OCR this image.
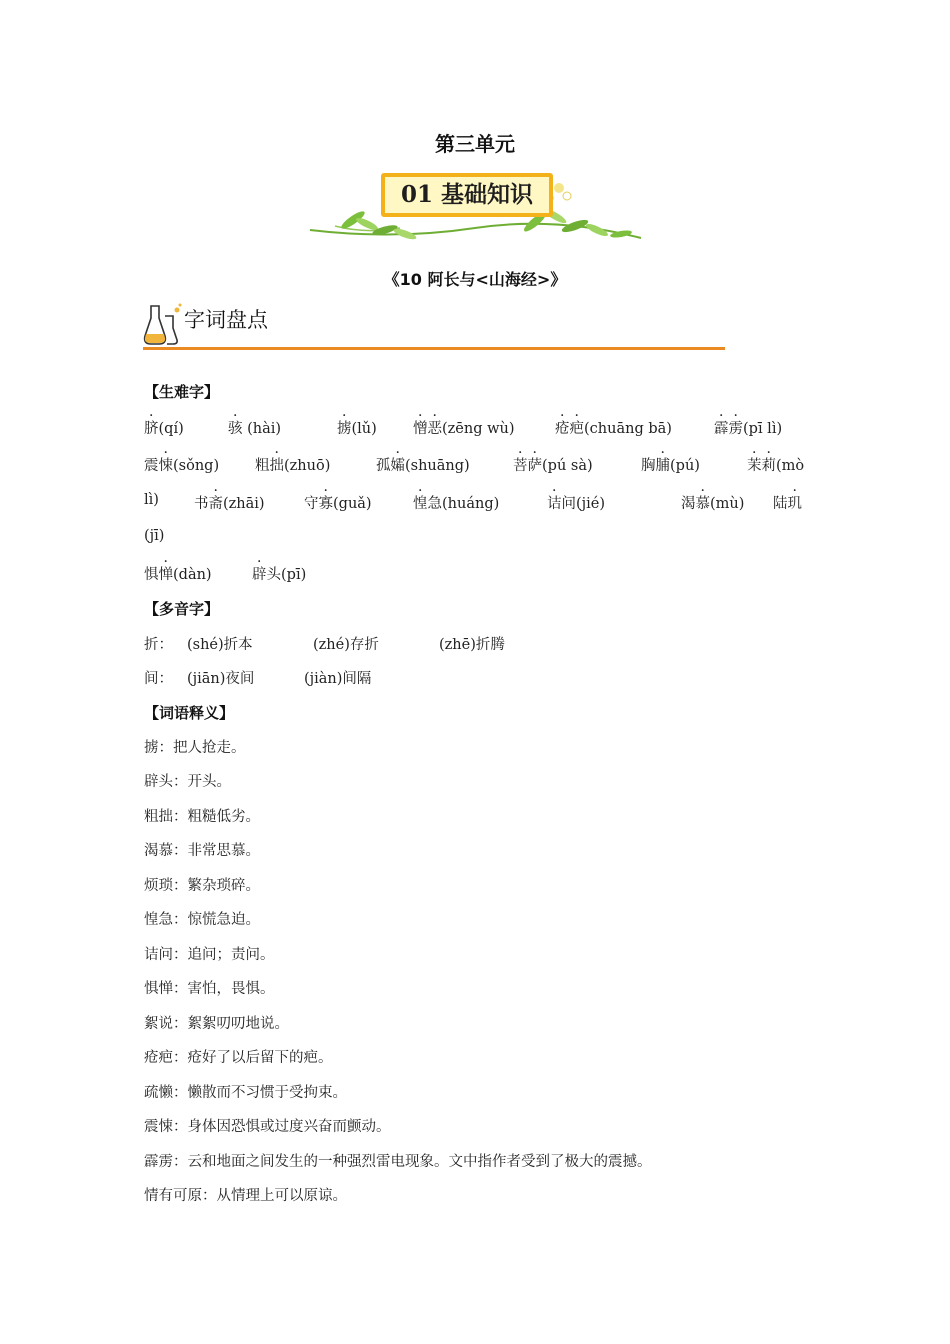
第三单元
01 基础知识
《10 阿长与<山海经>》
字词盘点
【生难字】
脐(qí)	骇 (hài)	掳(lǔ) 憎恶(zēng wù)	疮疤(chuāng bā)	霹雳(pī lì)
震悚(sǒng) 粗拙(zhuō)	孤孀(shuāng)	菩萨(pú sà)	胸脯(pú)	茉莉(mò
lì) 书斋(zhāi)	守寡(guǎ)	惶急(huáng)	诘问(jié)	渴慕(mù) 陆玑
(jī)
惧惮(dàn)	辟头(pī)
【多音字】
折： (shé)折本	(zhé)存折	(zhē)折腾
间： (jiān)夜间	(jiàn)间隔
【词语释义】
掳：把人抢走。
辟头：开头。
粗拙：粗糙低劣。
渴慕：非常思慕。
烦琐：繁杂琐碎。
惶急：惊慌急迫。
诘问：追问；责问。
惧惮：害怕，畏惧。
絮说：絮絮叨叨地说。
疮疤：疮好了以后留下的疤。
疏懒：懒散而不习惯于受拘束。
震悚：身体因恐惧或过度兴奋而颤动。
霹雳：云和地面之间发生的一种强烈雷电现象。文中指作者受到了极大的震撼。
情有可原：从情理上可以原谅。
